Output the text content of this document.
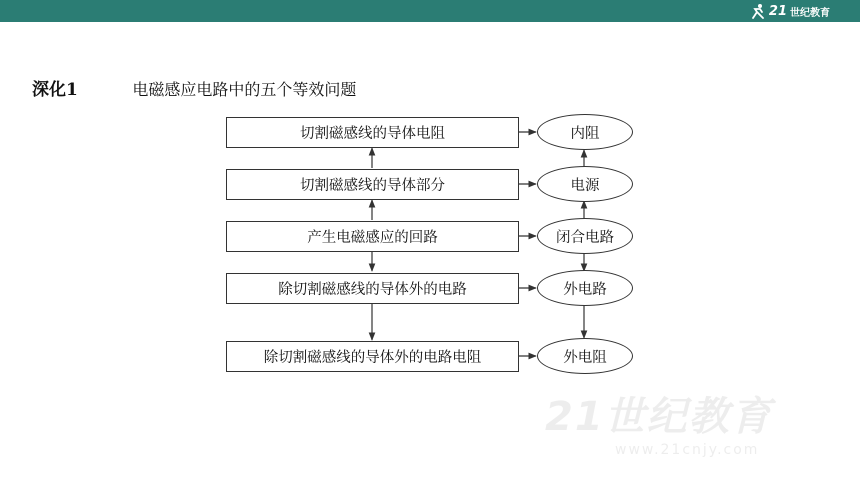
21 世纪教育
深化1	电磁感应电路中的五个等效问题
切割磁感线的导体电阻
切割磁感线的导体部分
产生电磁感应的回路
除切割磁感线的导体外的电路
除切割磁感线的导体外的电路电阻
内阻
电源
闭合电路
外电路
外电阻
21世纪教育
www.21cnjy.com
